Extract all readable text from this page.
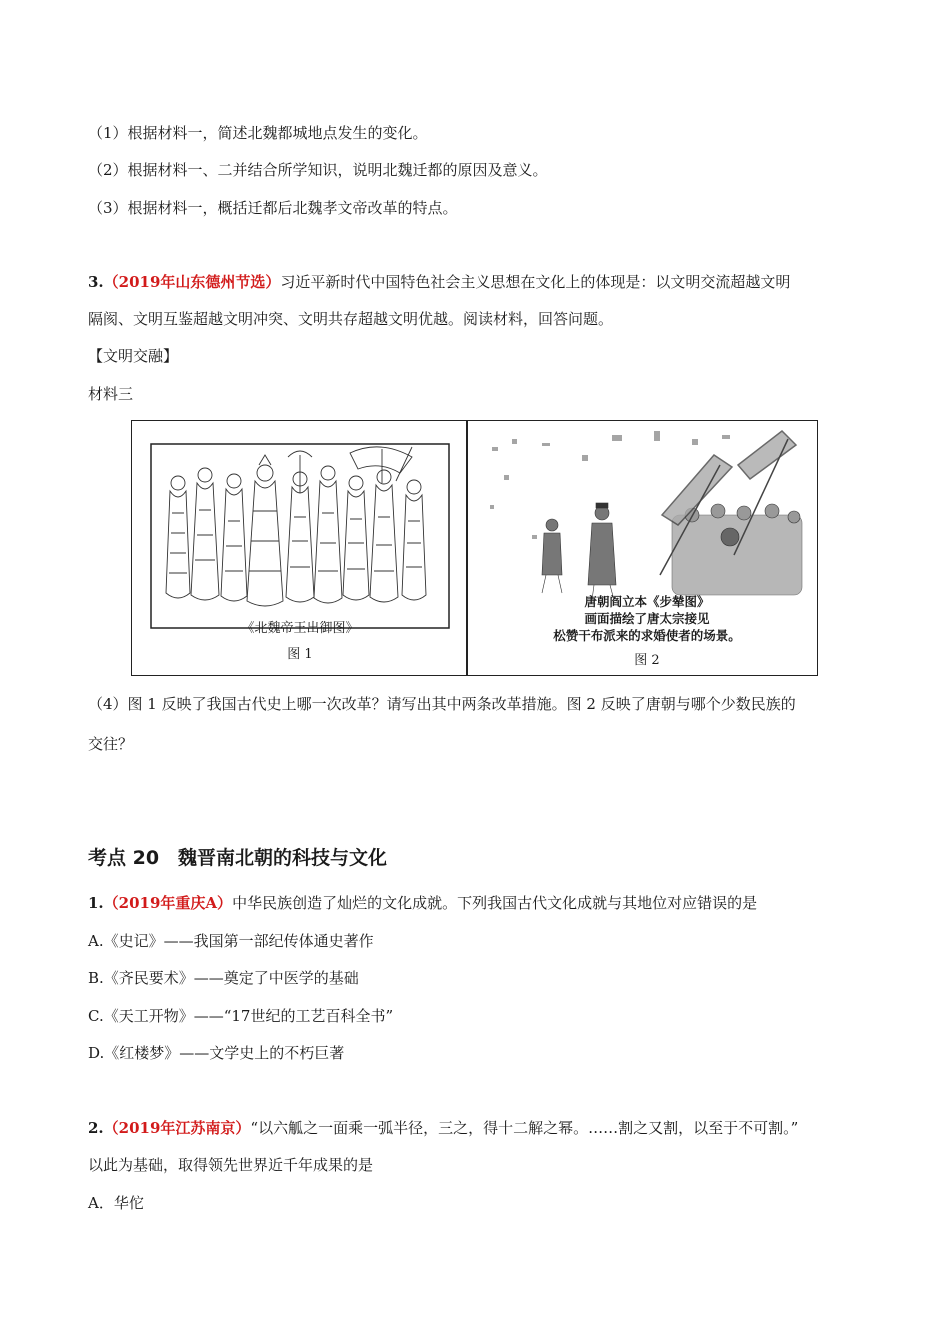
（1）根据材料一，简述北魏都城地点发生的变化。
（2）根据材料一、二并结合所学知识，说明北魏迁都的原因及意义。
（3）根据材料一，概括迁都后北魏孝文帝改革的特点。
3.（2019年山东德州节选）习近平新时代中国特色社会主义思想在文化上的体现是：以文明交流超越文明
隔阂、文明互鉴超越文明冲突、文明共存超越文明优越。阅读材料，回答问题。
【文明交融】
材料三
《北魏帝王出御图》
图 1
唐朝阎立本《步辇图》
画面描绘了唐太宗接见
松赞干布派来的求婚使者的场景。
图 2
（4）图 1 反映了我国古代史上哪一次改革？请写出其中两条改革措施。图 2 反映了唐朝与哪个少数民族的
交往？
考点 20　魏晋南北朝的科技与文化
1.（2019年重庆A）中华民族创造了灿烂的文化成就。下列我国古代文化成就与其地位对应错误的是
A.《史记》——我国第一部纪传体通史著作
B.《齐民要术》——奠定了中医学的基础
C.《天工开物》——“17世纪的工艺百科全书”
D.《红楼梦》——文学史上的不朽巨著
2.（2019年江苏南京）“以六觚之一面乘一弧半径，三之，得十二解之幂。……割之又割，以至于不可割。”
以此为基础，取得领先世界近千年成果的是
A．华佗
